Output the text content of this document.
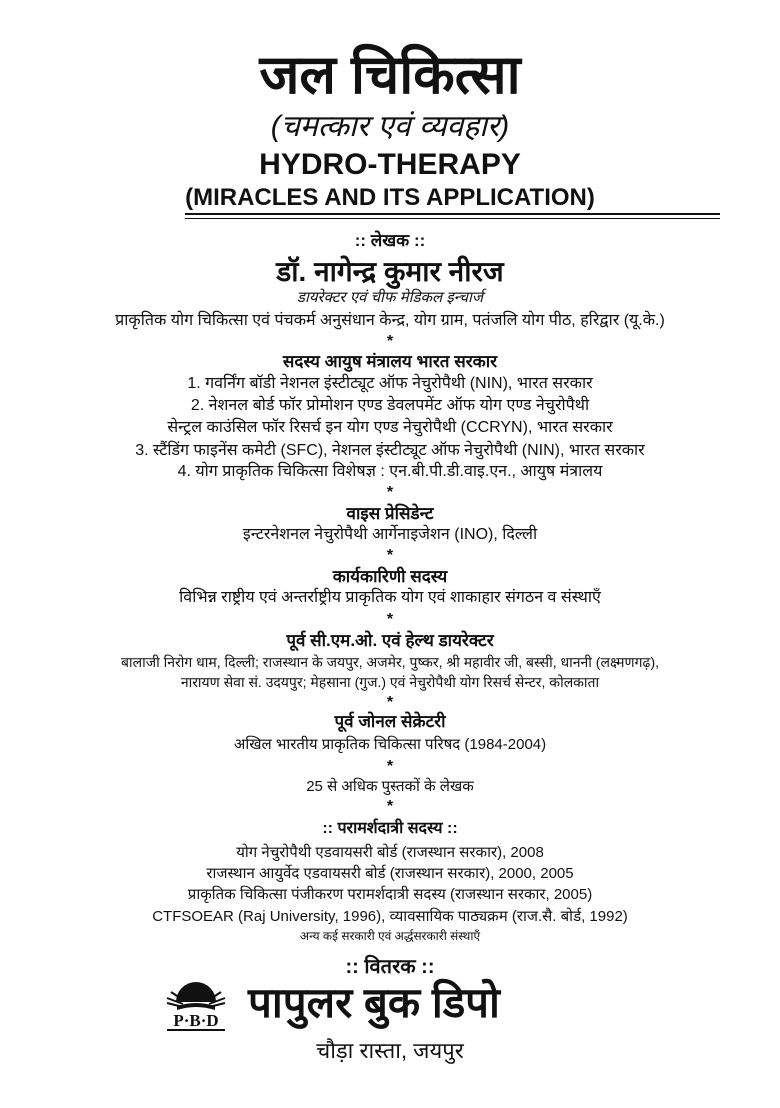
जल चिकित्सा
(चमत्कार एवं व्यवहार)
HYDRO-THERAPY
(MIRACLES AND ITS APPLICATION)
:: लेखक ::
डॉ. नागेन्द्र कुमार नीरज
डायरेक्टर एवं चीफ मेडिकल इन्चार्ज
प्राकृतिक योग चिकित्सा एवं पंचकर्म अनुसंधान केन्द्र, योग ग्राम, पतंजलि योग पीठ, हरिद्वार (यू.के.)
*
सदस्य आयुष मंत्रालय भारत सरकार
1. गवर्निंग बॉडी नेशनल इंस्टीट्यूट ऑफ नेचुरोपैथी (NIN), भारत सरकार
2. नेशनल बोर्ड फॉर प्रोमोशन एण्ड डेवलपमेंट ऑफ योग एण्ड नेचुरोपैथी
सेन्ट्रल काउंसिल फॉर रिसर्च इन योग एण्ड नेचुरोपैथी (CCRYN), भारत सरकार
3. स्टैंडिंग फाइनेंस कमेटी (SFC), नेशनल इंस्टीट्यूट ऑफ नेचुरोपैथी (NIN), भारत सरकार
4. योग प्राकृतिक चिकित्सा विशेषज्ञ : एन.बी.पी.डी.वाइ.एन., आयुष मंत्रालय
*
वाइस प्रेसिडेन्ट
इन्टरनेशनल नेचुरोपैथी आर्गेनाइजेशन (INO), दिल्ली
*
कार्यकारिणी सदस्य
विभिन्न राष्ट्रीय एवं अन्तर्राष्ट्रीय प्राकृतिक योग एवं शाकाहार संगठन व संस्थाएँ
*
पूर्व सी.एम.ओ. एवं हेल्थ डायरेक्टर
बालाजी निरोग धाम, दिल्ली; राजस्थान के जयपुर, अजमेर, पुष्कर, श्री महावीर जी, बस्सी, धाननी (लक्ष्मणगढ़),
नारायण सेवा सं. उदयपुर; मेहसाना (गुज.) एवं नेचुरोपैथी योग रिसर्च सेन्टर, कोलकाता
*
पूर्व जोनल सेक्रेटरी
अखिल भारतीय प्राकृतिक चिकित्सा परिषद (1984-2004)
*
25 से अधिक पुस्तकों के लेखक
*
:: परामर्शदात्री सदस्य ::
योग नेचुरोपैथी एडवायसरी बोर्ड (राजस्थान सरकार), 2008
राजस्थान आयुर्वेद एडवायसरी बोर्ड (राजस्थान सरकार), 2000, 2005
प्राकृतिक चिकित्सा पंजीकरण परामर्शदात्री सदस्य (राजस्थान सरकार, 2005)
CTFSOEAR (Raj University, 1996), व्यावसायिक पाठ्यक्रम (राज.सै. बोर्ड, 1992)
अन्य कई सरकारी एवं अर्द्धसरकारी संस्थाएँ
:: वितरक ::
P·B·D पापुलर बुक डिपो
चौड़ा रास्ता, जयपुर
